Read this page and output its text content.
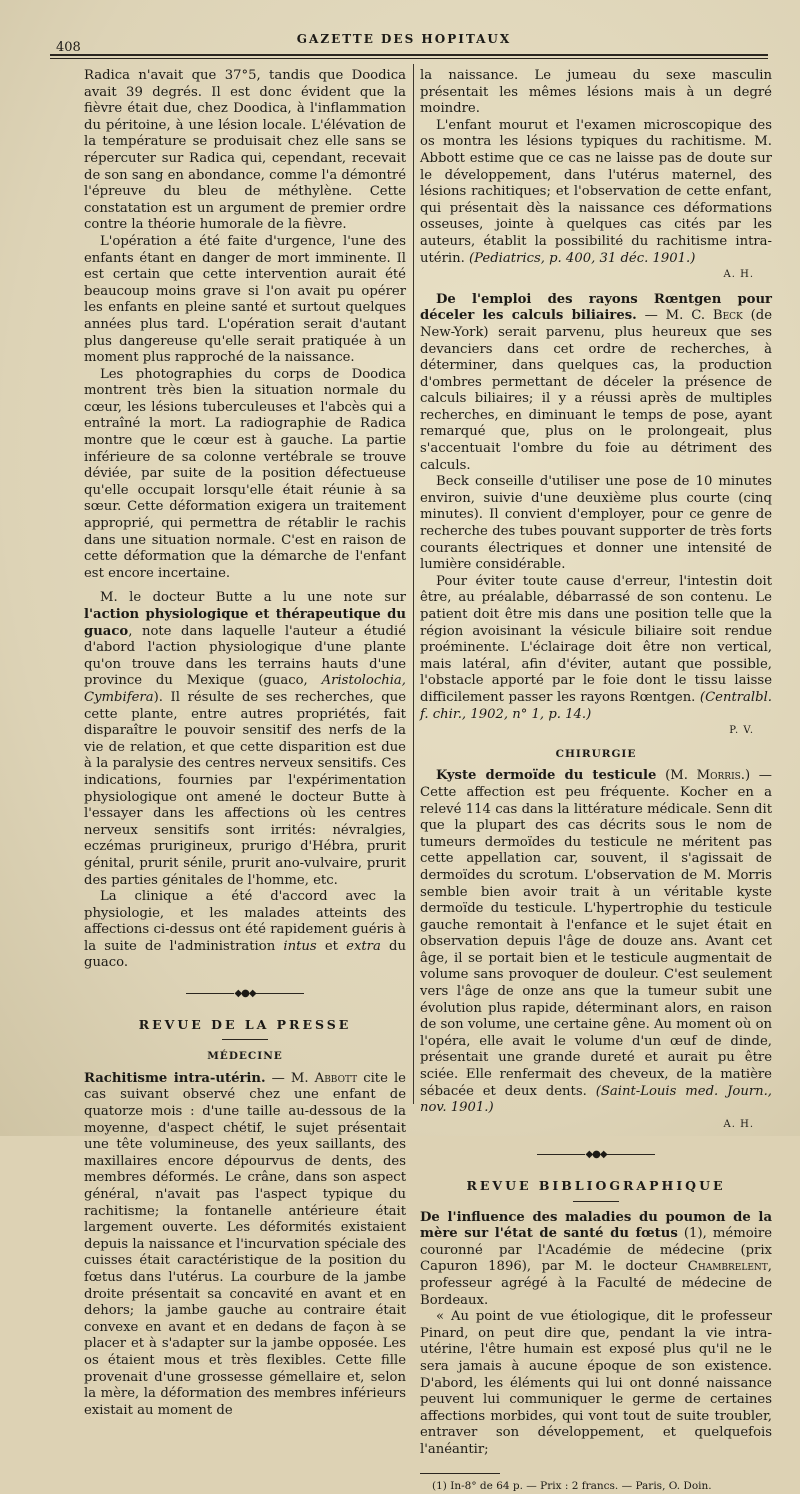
408
GAZETTE DES HOPITAUX

Radica n'avait que 37°5, tandis que Doodica avait 39 degrés. Il est donc évident que la fièvre était due, chez Doodica, à l'inflammation du péritoine, à une lésion locale. L'élévation de la température se produisait chez elle sans se répercuter sur Radica qui, cependant, recevait de son sang en abondance, comme l'a démontré l'épreuve du bleu de méthylène. Cette constatation est un argument de premier ordre contre la théorie humorale de la fièvre.

L'opération a été faite d'urgence, l'une des enfants étant en danger de mort imminente. Il est certain que cette intervention aurait été beaucoup moins grave si l'on avait pu opérer les enfants en pleine santé et surtout quelques années plus tard. L'opération serait d'autant plus dangereuse qu'elle serait pratiquée à un moment plus rapproché de la naissance.

Les photographies du corps de Doodica montrent très bien la situation normale du cœur, les lésions tuberculeuses et l'abcès qui a entraîné la mort. La radiographie de Radica montre que le cœur est à gauche. La partie inférieure de sa colonne vertébrale se trouve déviée, par suite de la position défectueuse qu'elle occupait lorsqu'elle était réunie à sa sœur. Cette déformation exigera un traitement approprié, qui permettra de rétablir le rachis dans une situation normale. C'est en raison de cette déformation que la démarche de l'enfant est encore incertaine.

M. le docteur Butte a lu une note sur l'action physiologique et thérapeutique du guaco, note dans laquelle l'auteur a étudié d'abord l'action physiologique d'une plante qu'on trouve dans les terrains hauts d'une province du Mexique (guaco, Aristolochia, Cymbifera). Il résulte de ses recherches, que cette plante, entre autres propriétés, fait disparaître le pouvoir sensitif des nerfs de la vie de relation, et que cette disparition est due à la paralysie des centres nerveux sensitifs. Ces indications, fournies par l'expérimentation physiologique ont amené le docteur Butte à l'essayer dans les affections où les centres nerveux sensitifs sont irrités: névralgies, eczémas prurigineux, prurigo d'Hébra, prurit génital, prurit sénile, prurit ano-vulvaire, prurit des parties génitales de l'homme, etc.

La clinique a été d'accord avec la physiologie, et les malades atteints des affections ci-dessus ont été rapidement guéris à la suite de l'administration intus et extra du guaco.

◆●◆
REVUE DE LA PRESSE
MÉDECINE

Rachitisme intra-utérin. — M. Abbott cite le cas suivant observé chez une enfant de quatorze mois : d'une taille au-dessous de la moyenne, d'aspect chétif, le sujet présentait une tête volumineuse, des yeux saillants, des maxillaires encore dépourvus de dents, des membres déformés. Le crâne, dans son aspect général, n'avait pas l'aspect typique du rachitisme; la fontanelle antérieure était largement ouverte. Les déformités existaient depuis la naissance et l'incurvation spéciale des cuisses était caractéristique de la position du fœtus dans l'utérus. La courbure de la jambe droite présentait sa concavité en avant et en dehors; la jambe gauche au contraire était convexe en avant et en dedans de façon à se placer et à s'adapter sur la jambe opposée. Les os étaient mous et très flexibles. Cette fille provenait d'une grossesse gémellaire et, selon la mère, la déformation des membres inférieurs existait au moment de

la naissance. Le jumeau du sexe masculin présentait les mêmes lésions mais à un degré moindre.

L'enfant mourut et l'examen microscopique des os montra les lésions typiques du rachitisme. M. Abbott estime que ce cas ne laisse pas de doute sur le développement, dans l'utérus maternel, des lésions rachitiques; et l'observation de cette enfant, qui présentait dès la naissance ces déformations osseuses, jointe à quelques cas cités par les auteurs, établit la possibilité du rachitisme intra-utérin. (Pediatrics, p. 400, 31 déc. 1901.)

A. H.

De l'emploi des rayons Rœntgen pour déceler les calculs biliaires. — M. C. Beck (de New-York) serait parvenu, plus heureux que ses devanciers dans cet ordre de recherches, à déterminer, dans quelques cas, la production d'ombres permettant de déceler la présence de calculs biliaires; il y a réussi après de multiples recherches, en diminuant le temps de pose, ayant remarqué que, plus on le prolongeait, plus s'accentuait l'ombre du foie au détriment des calculs.

Beck conseille d'utiliser une pose de 10 minutes environ, suivie d'une deuxième plus courte (cinq minutes). Il convient d'employer, pour ce genre de recherche des tubes pouvant supporter de très forts courants électriques et donner une intensité de lumière considérable.

Pour éviter toute cause d'erreur, l'intestin doit être, au préalable, débarrassé de son contenu. Le patient doit être mis dans une position telle que la région avoisinant la vésicule biliaire soit rendue proéminente. L'éclairage doit être non vertical, mais latéral, afin d'éviter, autant que possible, l'obstacle apporté par le foie dont le tissu laisse difficilement passer les rayons Rœntgen. (Centralbl. f. chir., 1902, n° 1, p. 14.)

P. V.

CHIRURGIE

Kyste dermoïde du testicule (M. Morris.) — Cette affection est peu fréquente. Kocher en a relevé 114 cas dans la littérature médicale. Senn dit que la plupart des cas décrits sous le nom de tumeurs dermoïdes du testicule ne méritent pas cette appellation car, souvent, il s'agissait de dermoïdes du scrotum. L'observation de M. Morris semble bien avoir trait à un véritable kyste dermoïde du testicule. L'hypertrophie du testicule gauche remontait à l'enfance et le sujet était en observation depuis l'âge de douze ans. Avant cet âge, il se portait bien et le testicule augmentait de volume sans provoquer de douleur. C'est seulement vers l'âge de onze ans que la tumeur subit une évolution plus rapide, déterminant alors, en raison de son volume, une certaine gêne. Au moment où on l'opéra, elle avait le volume d'un œuf de dinde, présentait une grande dureté et aurait pu être sciée. Elle renfermait des cheveux, de la matière sébacée et deux dents. (Saint-Louis med. Journ., nov. 1901.)

A. H.

◆●◆
REVUE BIBLIOGRAPHIQUE

De l'influence des maladies du poumon de la mère sur l'état de santé du fœtus (1), mémoire couronné par l'Académie de médecine (prix Capuron 1896), par M. le docteur Chambrelent, professeur agrégé à la Faculté de médecine de Bordeaux.

« Au point de vue étiologique, dit le professeur Pinard, on peut dire que, pendant la vie intra-utérine, l'être humain est exposé plus qu'il ne le sera jamais à aucune époque de son existence. D'abord, les éléments qui lui ont donné naissance peuvent lui communiquer le germe de certaines affections morbides, qui vont tout de suite troubler, entraver son développement, et quelquefois l'anéantir;

(1) In-8° de 64 p. — Prix : 2 francs. — Paris, O. Doin.
